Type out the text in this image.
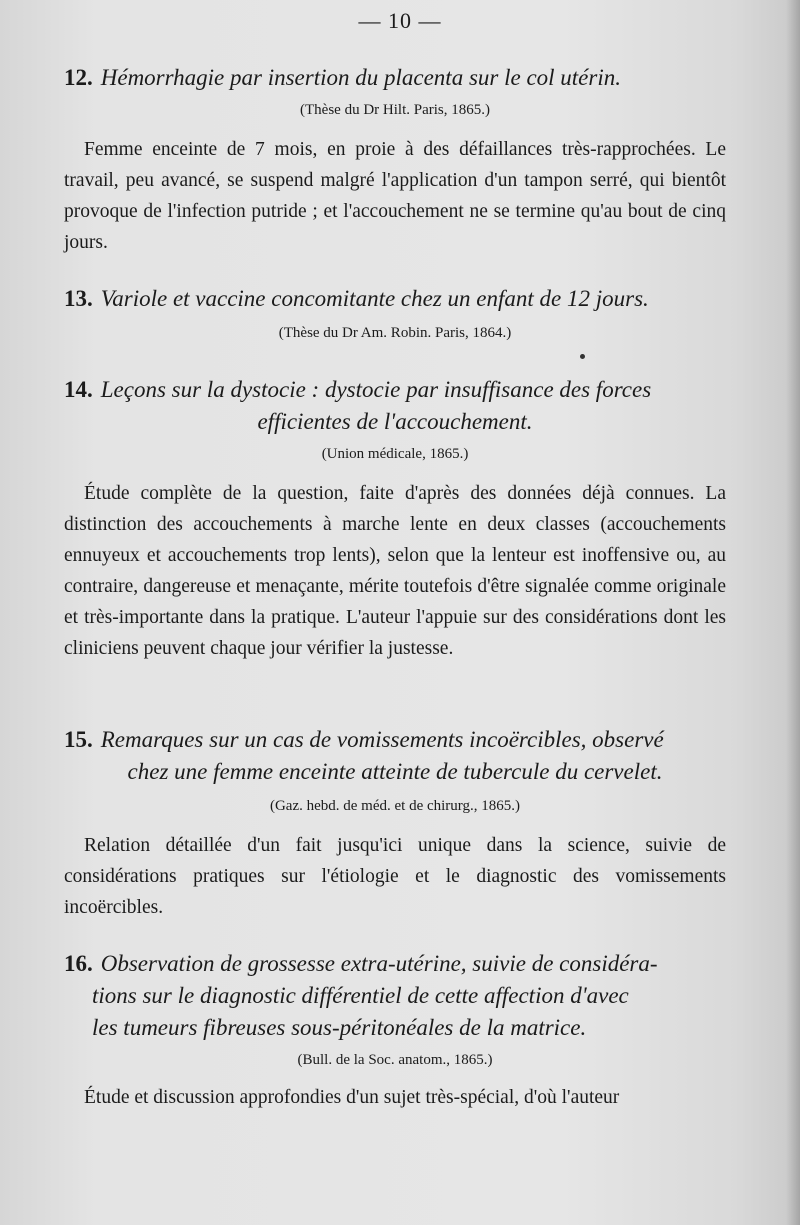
— 10 —
12. Hémorrhagie par insertion du placenta sur le col utérin.
(Thèse du Dr Hilt. Paris, 1865.)

Femme enceinte de 7 mois, en proie à des défaillances très-rapprochées. Le travail, peu avancé, se suspend malgré l'application d'un tampon serré, qui bientôt provoque de l'infection putride ; et l'accouchement ne se termine qu'au bout de cinq jours.

13. Variole et vaccine concomitante chez un enfant de 12 jours.
(Thèse du Dr Am. Robin. Paris, 1864.)
14. Leçons sur la dystocie : dystocie par insuffisance des forces
efficientes de l'accouchement.
(Union médicale, 1865.)

Étude complète de la question, faite d'après des données déjà connues. La distinction des accouchements à marche lente en deux classes (accouchements ennuyeux et accouchements trop lents), selon que la lenteur est inoffensive ou, au contraire, dangereuse et menaçante, mérite toutefois d'être signalée comme originale et très-importante dans la pratique. L'auteur l'appuie sur des considérations dont les cliniciens peuvent chaque jour vérifier la justesse.

15. Remarques sur un cas de vomissements incoërcibles, observé
chez une femme enceinte atteinte de tubercule du cervelet.
(Gaz. hebd. de méd. et de chirurg., 1865.)

Relation détaillée d'un fait jusqu'ici unique dans la science, suivie de considérations pratiques sur l'étiologie et le diagnostic des vomissements incoërcibles.

16. Observation de grossesse extra-utérine, suivie de considéra-
tions sur le diagnostic différentiel de cette affection d'avec
les tumeurs fibreuses sous-péritonéales de la matrice.
(Bull. de la Soc. anatom., 1865.)

Étude et discussion approfondies d'un sujet très-spécial, d'où l'auteur
